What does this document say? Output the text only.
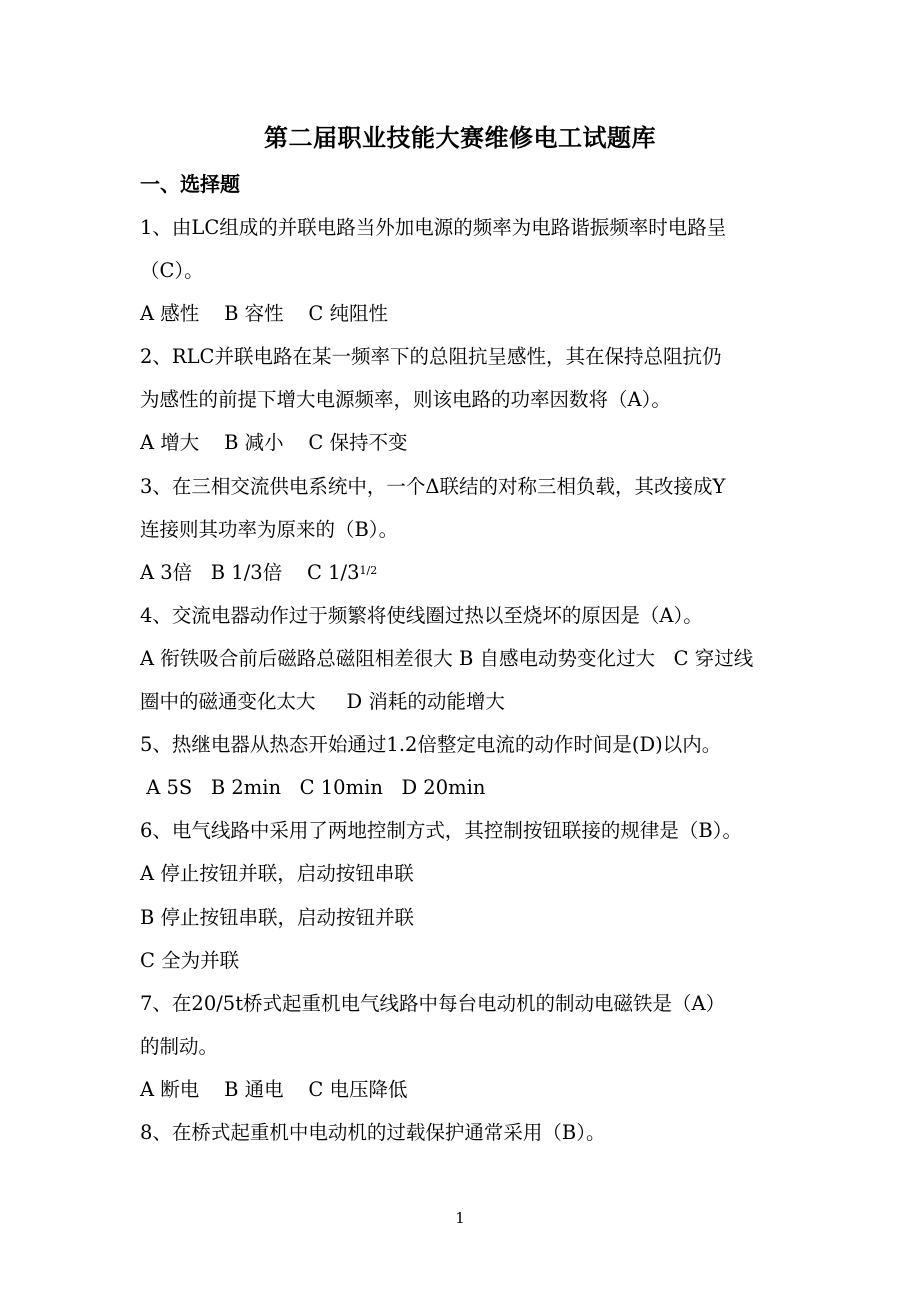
第二届职业技能大赛维修电工试题库
一、选择题

1、由LC组成的并联电路当外加电源的频率为电路谐振频率时电路呈

（C）。

A 感性    B 容性    C 纯阻性

2、RLC并联电路在某一频率下的总阻抗呈感性，其在保持总阻抗仍

为感性的前提下增大电源频率，则该电路的功率因数将（A）。

A 增大    B 减小    C 保持不变

3、在三相交流供电系统中，一个Δ联结的对称三相负载，其改接成Y

连接则其功率为原来的（B）。

A 3倍   B 1/3倍    C $1/3^{1/2}$

4、交流电器动作过于频繁将使线圈过热以至烧坏的原因是（A）。

A 衔铁吸合前后磁路总磁阻相差很大 B 自感电动势变化过大   C 穿过线

圈中的磁通变化太大     D 消耗的动能增大

5、热继电器从热态开始通过1.2倍整定电流的动作时间是(D)以内。

A 5S   B 2min   C 10min   D 20min

6、电气线路中采用了两地控制方式，其控制按钮联接的规律是（B）。

A 停止按钮并联，启动按钮串联

B 停止按钮串联，启动按钮并联

C 全为并联

7、在20/5t桥式起重机电气线路中每台电动机的制动电磁铁是（A）

的制动。

A 断电    B 通电    C 电压降低

8、在桥式起重机中电动机的过载保护通常采用（B）。

1
